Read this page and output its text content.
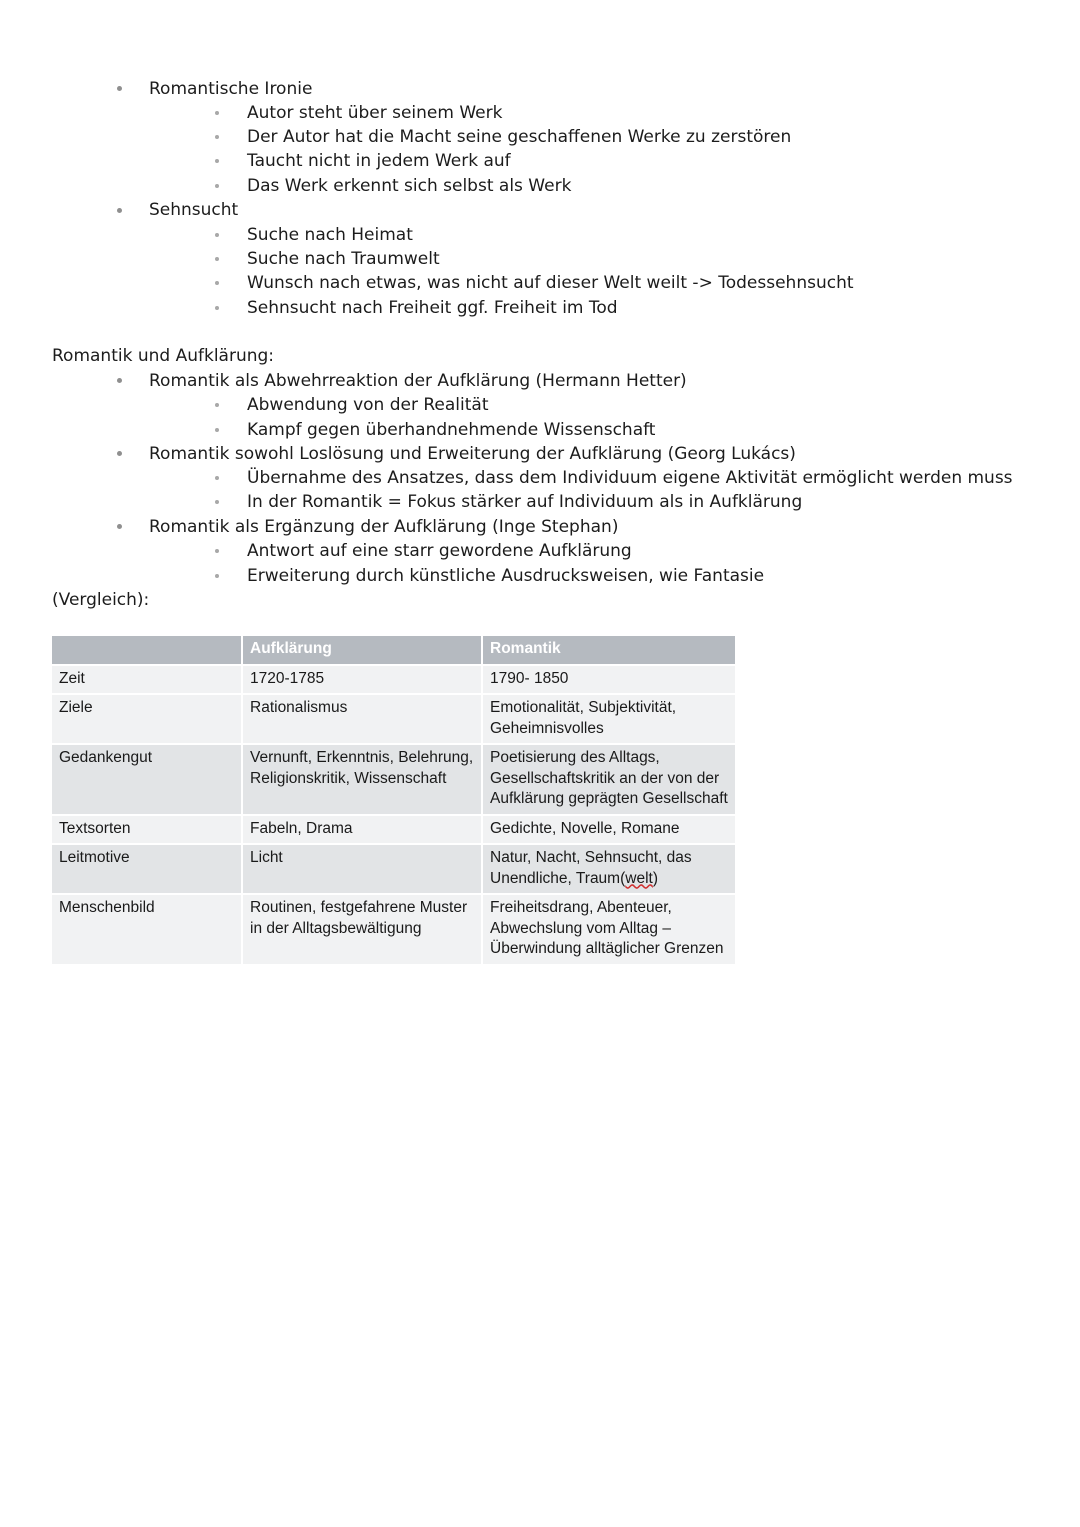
Romantische Ironie
Autor steht über seinem Werk
Der Autor hat die Macht seine geschaffenen Werke zu zerstören
Taucht nicht in jedem Werk auf
Das Werk erkennt sich selbst als Werk
Sehnsucht
Suche nach Heimat
Suche nach Traumwelt
Wunsch nach etwas, was nicht auf dieser Welt weilt -> Todessehnsucht
Sehnsucht nach Freiheit ggf. Freiheit im Tod
Romantik und Aufklärung:
Romantik als Abwehrreaktion der Aufklärung (Hermann Hetter)
Abwendung von der Realität
Kampf gegen überhandnehmende Wissenschaft
Romantik sowohl Loslösung und Erweiterung der Aufklärung (Georg Lukács)
Übernahme des Ansatzes, dass dem Individuum eigene Aktivität ermöglicht werden muss
In der Romantik = Fokus stärker auf Individuum als in Aufklärung
Romantik als Ergänzung der Aufklärung (Inge Stephan)
Antwort auf eine starr gewordene Aufklärung
Erweiterung durch künstliche Ausdrucksweisen, wie Fantasie
(Vergleich):
	Aufklärung	Romantik
Zeit	1720-1785	1790- 1850
Ziele	Rationalismus	Emotionalität, Subjektivität, Geheimnisvolles
Gedankengut	Vernunft, Erkenntnis, Belehrung, Religionskritik, Wissenschaft	Poetisierung des Alltags, Gesellschaftskritik an der von der Aufklärung geprägten Gesellschaft
Textsorten	Fabeln, Drama	Gedichte, Novelle, Romane
Leitmotive	Licht	Natur, Nacht, Sehnsucht, das Unendliche, Traum(welt)
Menschenbild	Routinen, festgefahrene Muster in der Alltagsbewältigung	Freiheitsdrang, Abenteuer, Abwechslung vom Alltag – Überwindung alltäglicher Grenzen
